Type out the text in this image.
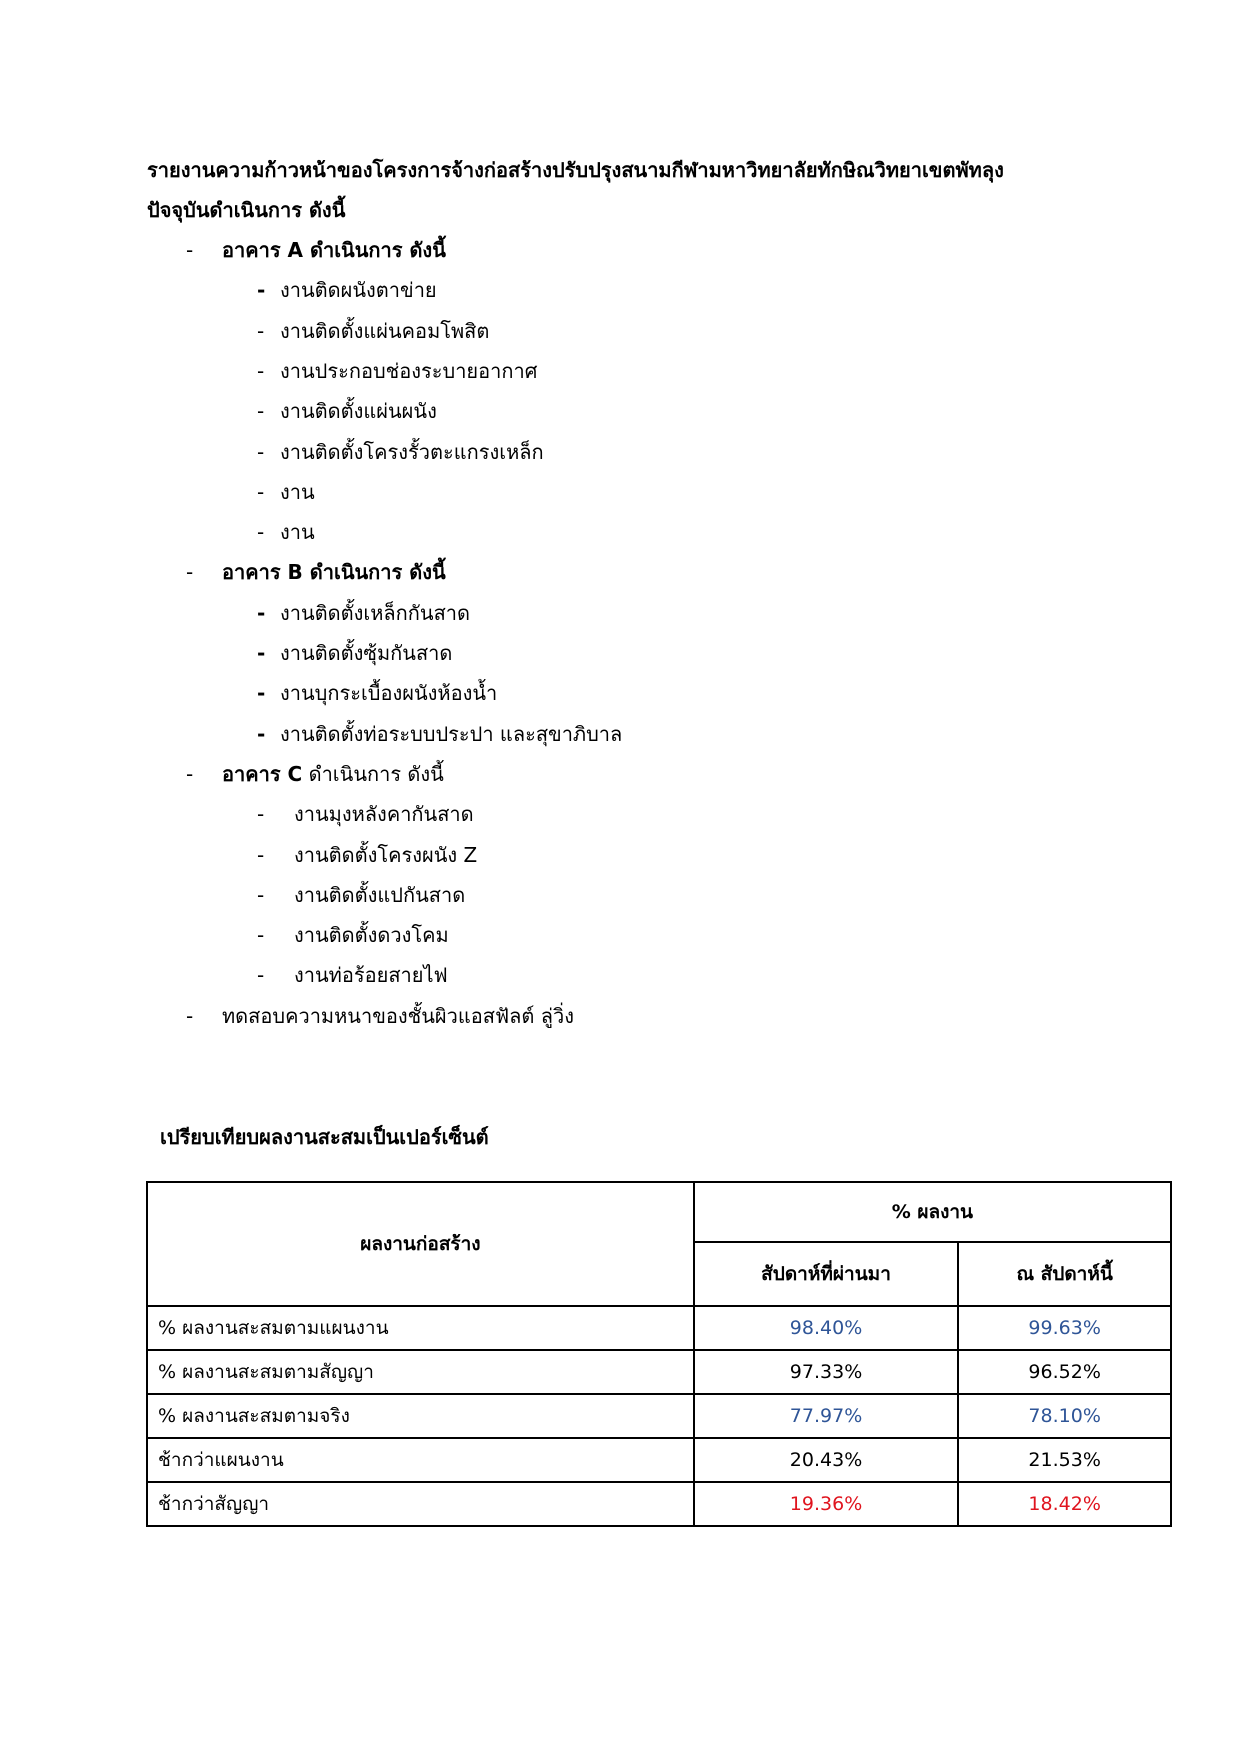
รายงานความก้าวหน้าของโครงการจ้างก่อสร้างปรับปรุงสนามกีฬามหาวิทยาลัยทักษิณวิทยาเขตพัทลุง
ปัจจุบันดำเนินการ ดังนี้
- อาคาร A ดำเนินการ ดังนี้
- งานติดผนังตาข่าย
- งานติดตั้งแผ่นคอมโพสิต
- งานประกอบช่องระบายอากาศ
- งานติดตั้งแผ่นผนัง
- งานติดตั้งโครงรั้วตะแกรงเหล็ก
- งาน
- งาน
- อาคาร B ดำเนินการ ดังนี้
- งานติดตั้งเหล็กกันสาด
- งานติดตั้งซุ้มกันสาด
- งานบุกระเบื้องผนังห้องน้ำ
- งานติดตั้งท่อระบบประปา และสุขาภิบาล
- อาคาร C ดำเนินการ ดังนี้
- งานมุงหลังคากันสาด
- งานติดตั้งโครงผนัง Z
- งานติดตั้งแปกันสาด
- งานติดตั้งดวงโคม
- งานท่อร้อยสายไฟ
- ทดสอบความหนาของชั้นผิวแอสฟัลต์ ลู่วิ่ง
เปรียบเทียบผลงานสะสมเป็นเปอร์เซ็นต์
ผลงานก่อสร้าง	% ผลงาน	
	สัปดาห์ที่ผ่านมา	ณ สัปดาห์นี้
% ผลงานสะสมตามแผนงาน	98.40%	99.63%
% ผลงานสะสมตามสัญญา	97.33%	96.52%
% ผลงานสะสมตามจริง	77.97%	78.10%
ช้ากว่าแผนงาน	20.43%	21.53%
ช้ากว่าสัญญา	19.36%	18.42%
